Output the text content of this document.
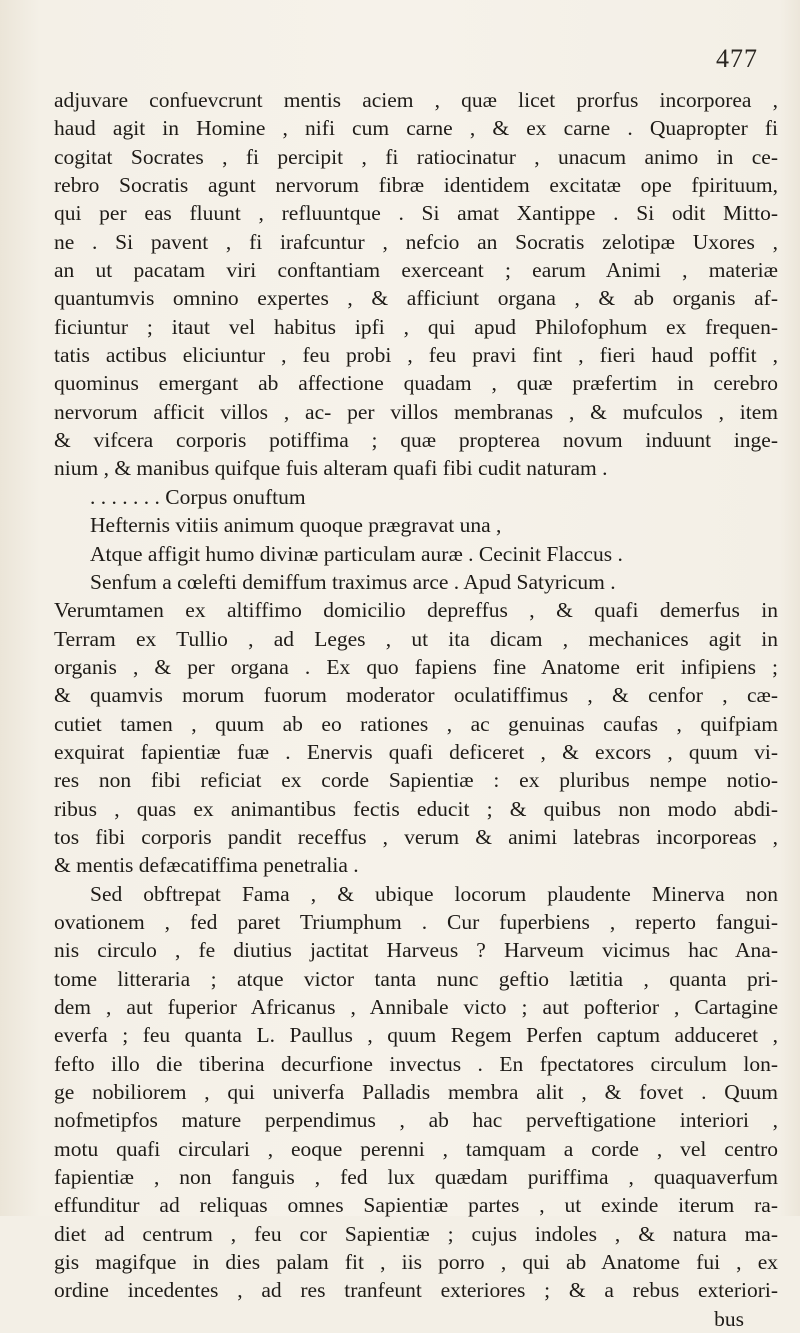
477
adjuvare confuevcrunt mentis aciem , quæ licet prorfus incorporea ,
haud agit in Homine , nifi cum carne , & ex carne . Quapropter fi
cogitat Socrates , fi percipit , fi ratiocinatur , unacum animo in ce-
rebro Socratis agunt nervorum fibræ identidem excitatæ ope fpirituum,
qui per eas fluunt , refluuntque . Si amat Xantippe . Si odit Mitto-
ne . Si pavent , fi irafcuntur , nefcio an Socratis zelotipæ Uxores ,
an ut pacatam viri conftantiam exerceant ; earum Animi , materiæ
quantumvis omnino expertes , & afficiunt organa , & ab organis af-
ficiuntur ; itaut vel habitus ipfi , qui apud Philofophum ex frequen-
tatis actibus eliciuntur , feu probi , feu pravi fint , fieri haud poffit ,
quominus emergant ab affectione quadam , quæ præfertim in cerebro
nervorum afficit villos , ac- per villos membranas , & mufculos , item
& vifcera corporis potiffima ; quæ propterea novum induunt inge-
nium , & manibus quifque fuis alteram quafi fibi cudit naturam .
. . . . . . . Corpus onuftum
Hefternis vitiis animum quoque prægravat una ,
Atque affigit humo divinæ particulam auræ . Cecinit Flaccus .
Senfum a cœlefti demiffum traximus arce . Apud Satyricum .
Verumtamen ex altiffimo domicilio depreffus , & quafi demerfus in
Terram ex Tullio , ad Leges , ut ita dicam , mechanices agit in
organis , & per organa . Ex quo fapiens fine Anatome erit infipiens ;
& quamvis morum fuorum moderator oculatiffimus , & cenfor , cæ-
cutiet tamen , quum ab eo rationes , ac genuinas caufas , quifpiam
exquirat fapientiæ fuæ . Enervis quafi deficeret , & excors , quum vi-
res non fibi reficiat ex corde Sapientiæ : ex pluribus nempe notio-
ribus , quas ex animantibus fectis educit ; & quibus non modo abdi-
tos fibi corporis pandit receffus , verum & animi latebras incorporeas ,
& mentis defæcatiffima penetralia .
Sed obftrepat Fama , & ubique locorum plaudente Minerva non
ovationem , fed paret Triumphum . Cur fuperbiens , reperto fangui-
nis circulo , fe diutius jactitat Harveus ? Harveum vicimus hac Ana-
tome litteraria ; atque victor tanta nunc geftio lætitia , quanta pri-
dem , aut fuperior Africanus , Annibale victo ; aut pofterior , Cartagine
everfa ; feu quanta L. Paullus , quum Regem Perfen captum adduceret ,
fefto illo die tiberina decurfione invectus . En fpectatores circulum lon-
ge nobiliorem , qui univerfa Palladis membra alit , & fovet . Quum
nofmetipfos mature perpendimus , ab hac perveftigatione interiori ,
motu quafi circulari , eoque perenni , tamquam a corde , vel centro
fapientiæ , non fanguis , fed lux quædam puriffima , quaquaverfum
effunditur ad reliquas omnes Sapientiæ partes , ut exinde iterum ra-
diet ad centrum , feu cor Sapientiæ ; cujus indoles , & natura ma-
gis magifque in dies palam fit , iis porro , qui ab Anatome fui , ex
ordine incedentes , ad res tranfeunt exteriores ; & a rebus exteriori-
bus
